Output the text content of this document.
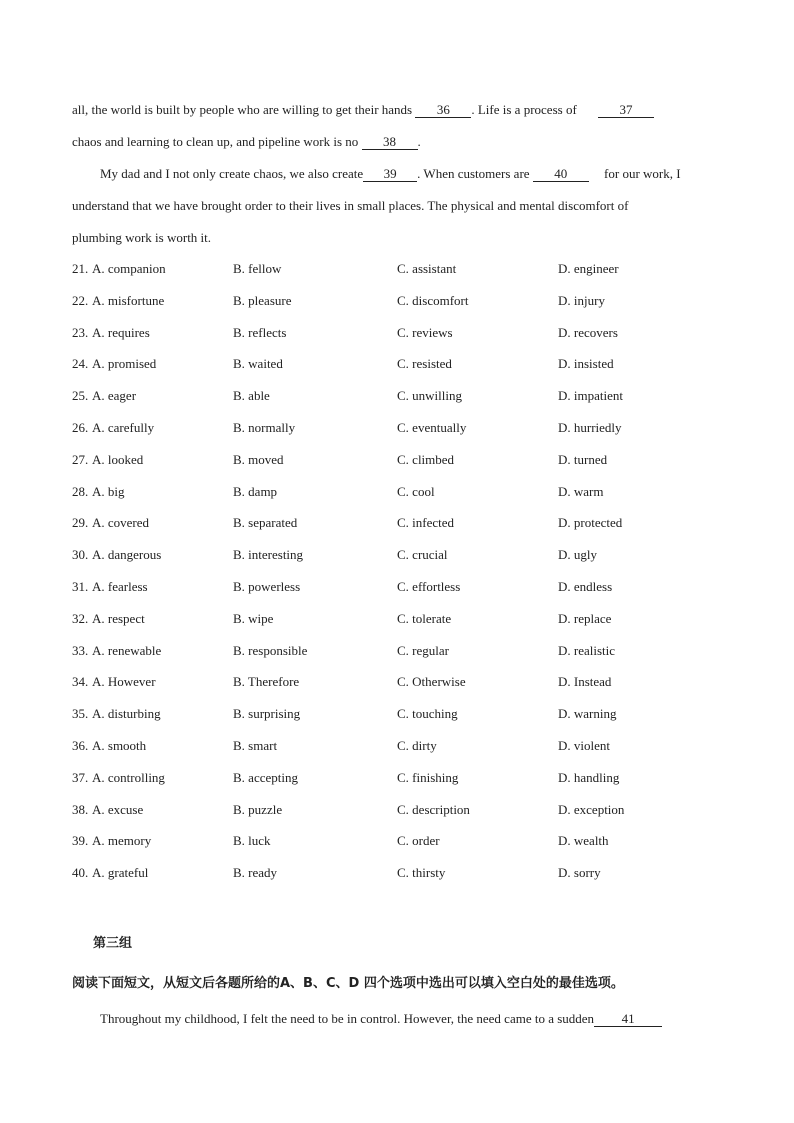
all, the world is built by people who are willing to get their hands 36 . Life is a process of	37
chaos and learning to clean up, and pipeline work is no 38 .
My dad and I not only create chaos, we also create 39 . When customers are 40	for our work, I
understand that we have brought order to their lives in small places. The physical and mental discomfort of
plumbing work is worth it.
21. A. companion	B. fellow	C. assistant	D. engineer
22. A. misfortune	B. pleasure	C. discomfort	D. injury
23. A. requires	B. reflects	C. reviews	D. recovers
24. A. promised	B. waited	C. resisted	D. insisted
25. A. eager	B. able	C. unwilling	D. impatient
26. A. carefully	B. normally	C. eventually	D. hurriedly
27. A. looked	B. moved	C. climbed	D. turned
28. A. big	B. damp	C. cool	D. warm
29. A. covered	B. separated	C. infected	D. protected
30. A. dangerous	B. interesting	C. crucial	D. ugly
31. A. fearless	B. powerless	C. effortless	D. endless
32. A. respect	B. wipe	C. tolerate	D. replace
33. A. renewable	B. responsible	C. regular	D. realistic
34. A. However	B. Therefore	C. Otherwise	D. Instead
35. A. disturbing	B. surprising	C. touching	D. warning
36. A. smooth	B. smart	C. dirty	D. violent
37. A. controlling	B. accepting	C. finishing	D. handling
38. A. excuse	B. puzzle	C. description	D. exception
39. A. memory	B. luck	C. order	D. wealth
40. A. grateful	B. ready	C. thirsty	D. sorry
第三组
阅读下面短文，从短文后各题所给的A、B、C、D 四个选项中选出可以填入空白处的最佳选项。
Throughout my childhood, I felt the need to be in control. However, the need came to a sudden 41
